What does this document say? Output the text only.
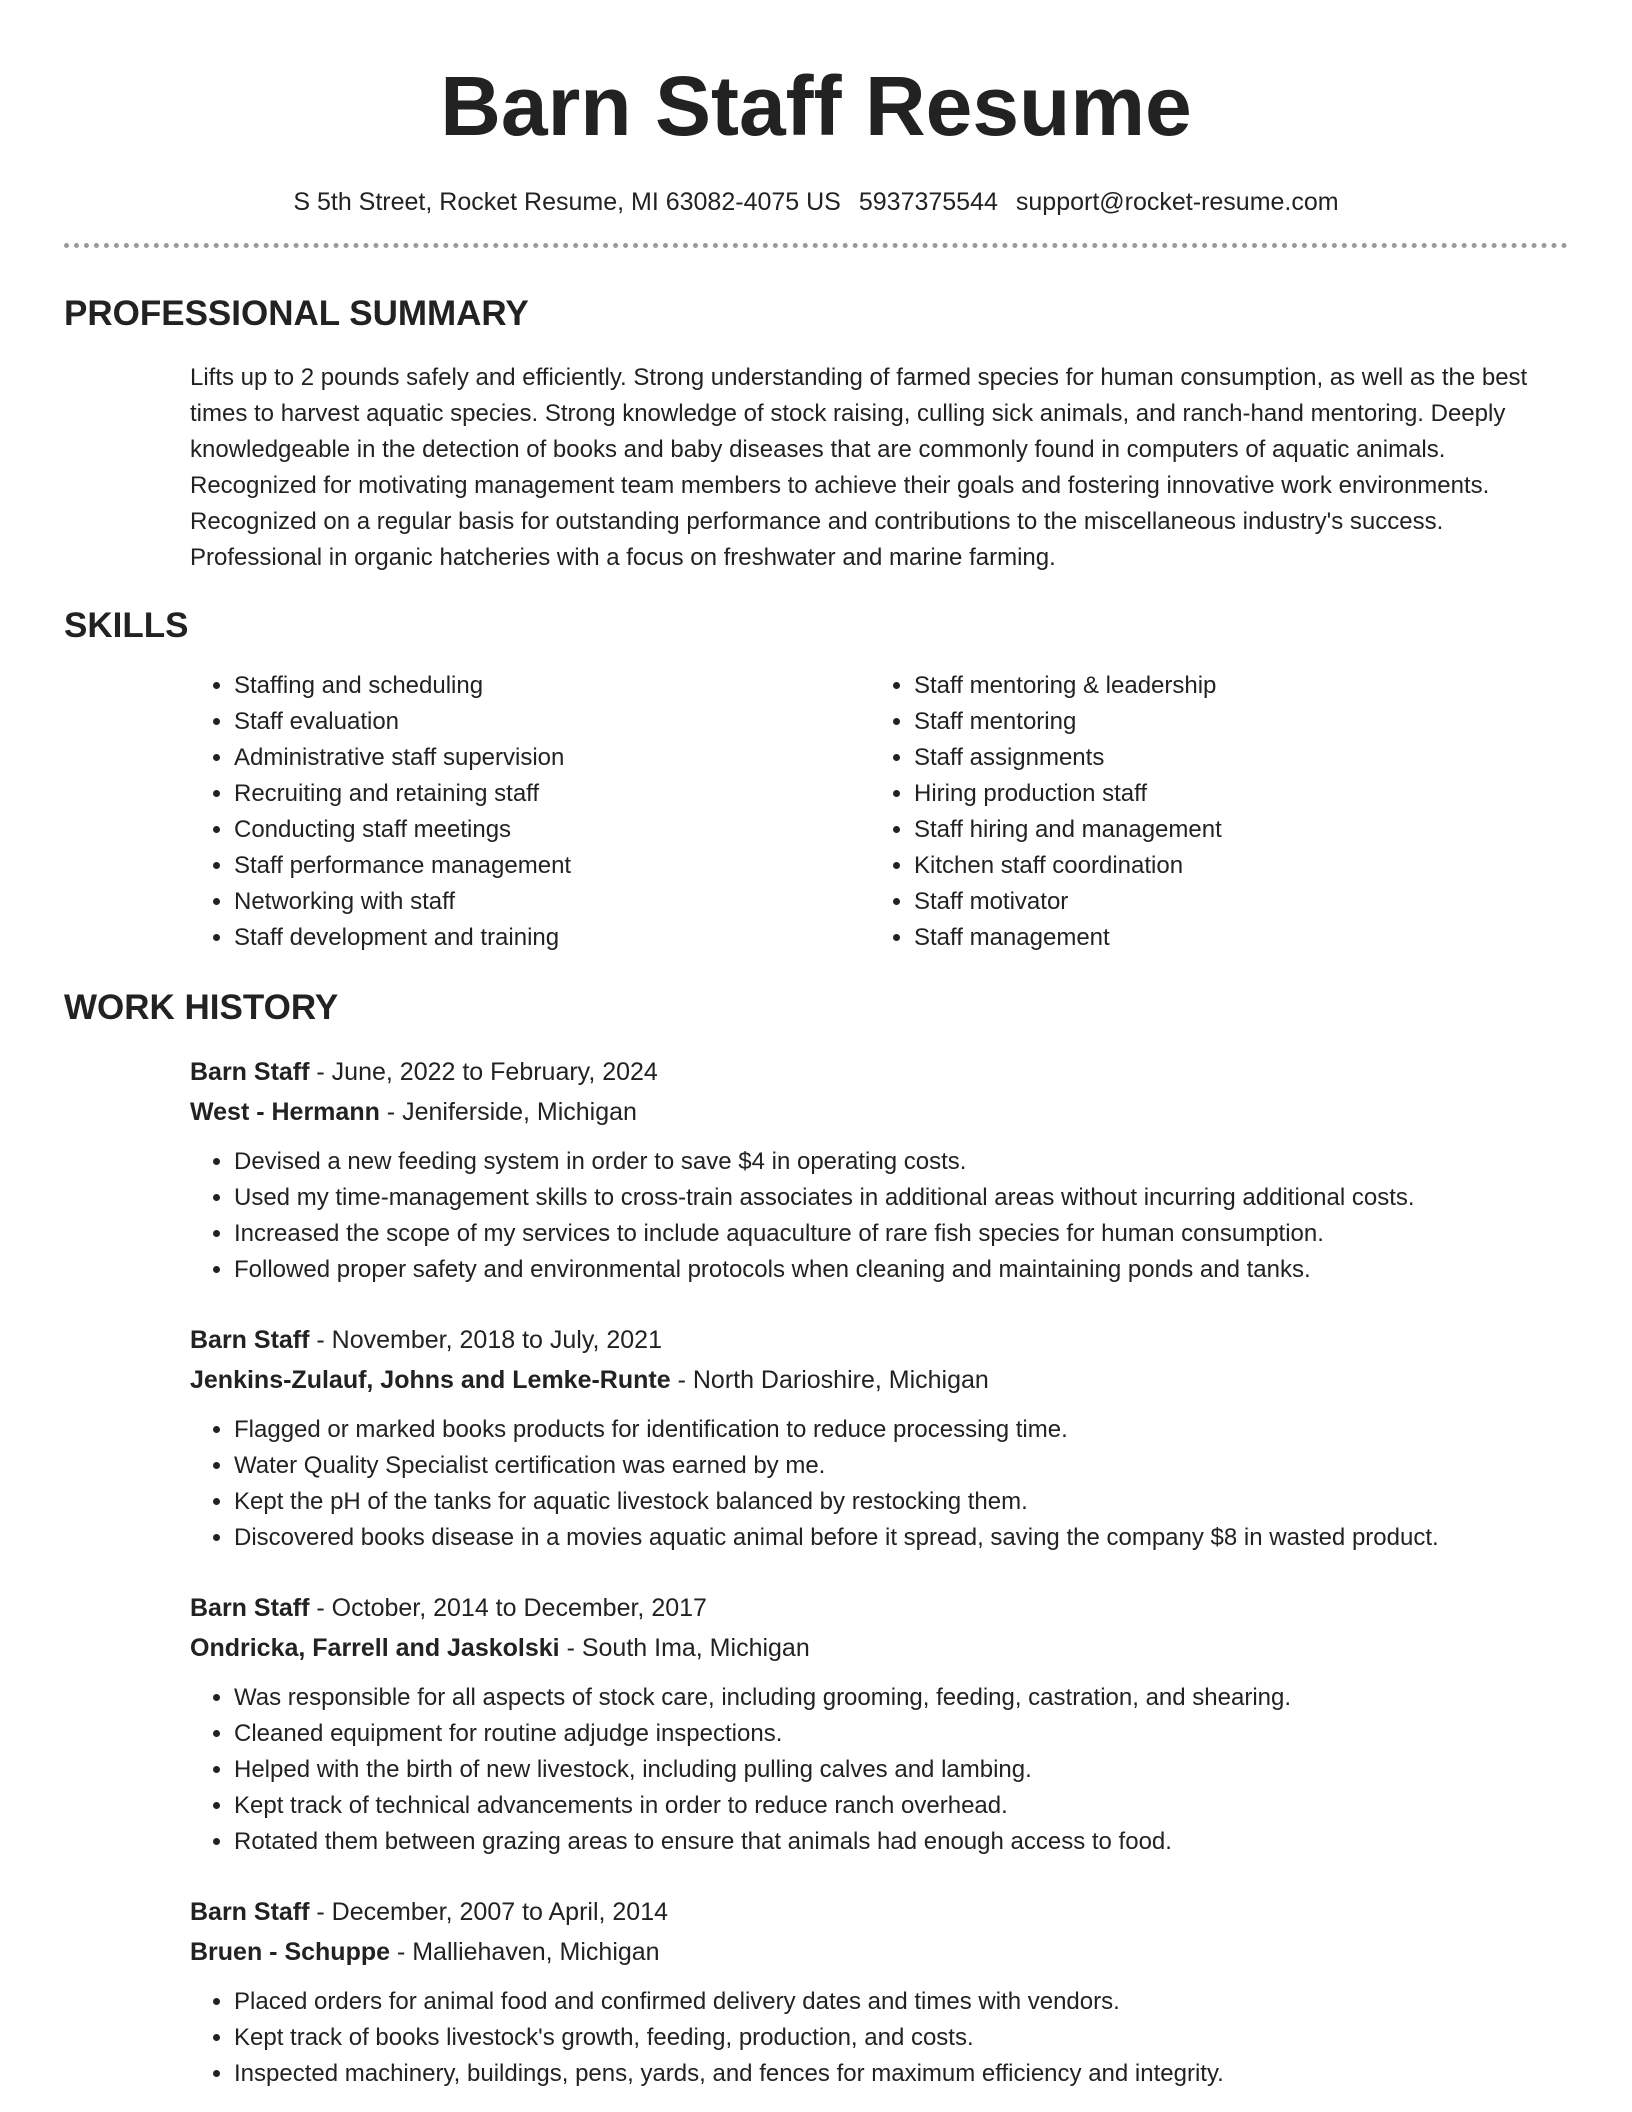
Barn Staff Resume
S 5th Street, Rocket Resume, MI 63082-4075 US 5937375544 support@rocket-resume.com
PROFESSIONAL SUMMARY

Lifts up to 2 pounds safely and efficiently. Strong understanding of farmed species for human consumption, as well as the best times to harvest aquatic species. Strong knowledge of stock raising, culling sick animals, and ranch-hand mentoring. Deeply knowledgeable in the detection of books and baby diseases that are commonly found in computers of aquatic animals. Recognized for motivating management team members to achieve their goals and fostering innovative work environments. Recognized on a regular basis for outstanding performance and contributions to the miscellaneous industry's success. Professional in organic hatcheries with a focus on freshwater and marine farming.

SKILLS
• Staffing and scheduling
• Staff evaluation
• Administrative staff supervision
• Recruiting and retaining staff
• Conducting staff meetings
• Staff performance management
• Networking with staff
• Staff development and training
• Staff mentoring & leadership
• Staff mentoring
• Staff assignments
• Hiring production staff
• Staff hiring and management
• Kitchen staff coordination
• Staff motivator
• Staff management
WORK HISTORY
Barn Staff - June, 2022 to February, 2024
West - Hermann - Jeniferside, Michigan
• Devised a new feeding system in order to save $4 in operating costs.
• Used my time-management skills to cross-train associates in additional areas without incurring additional costs.
• Increased the scope of my services to include aquaculture of rare fish species for human consumption.
• Followed proper safety and environmental protocols when cleaning and maintaining ponds and tanks.
Barn Staff - November, 2018 to July, 2021
Jenkins-Zulauf, Johns and Lemke-Runte - North Darioshire, Michigan
• Flagged or marked books products for identification to reduce processing time.
• Water Quality Specialist certification was earned by me.
• Kept the pH of the tanks for aquatic livestock balanced by restocking them.
• Discovered books disease in a movies aquatic animal before it spread, saving the company $8 in wasted product.
Barn Staff - October, 2014 to December, 2017
Ondricka, Farrell and Jaskolski - South Ima, Michigan
• Was responsible for all aspects of stock care, including grooming, feeding, castration, and shearing.
• Cleaned equipment for routine adjudge inspections.
• Helped with the birth of new livestock, including pulling calves and lambing.
• Kept track of technical advancements in order to reduce ranch overhead.
• Rotated them between grazing areas to ensure that animals had enough access to food.
Barn Staff - December, 2007 to April, 2014
Bruen - Schuppe - Malliehaven, Michigan
• Placed orders for animal food and confirmed delivery dates and times with vendors.
• Kept track of books livestock's growth, feeding, production, and costs.
• Inspected machinery, buildings, pens, yards, and fences for maximum efficiency and integrity.
